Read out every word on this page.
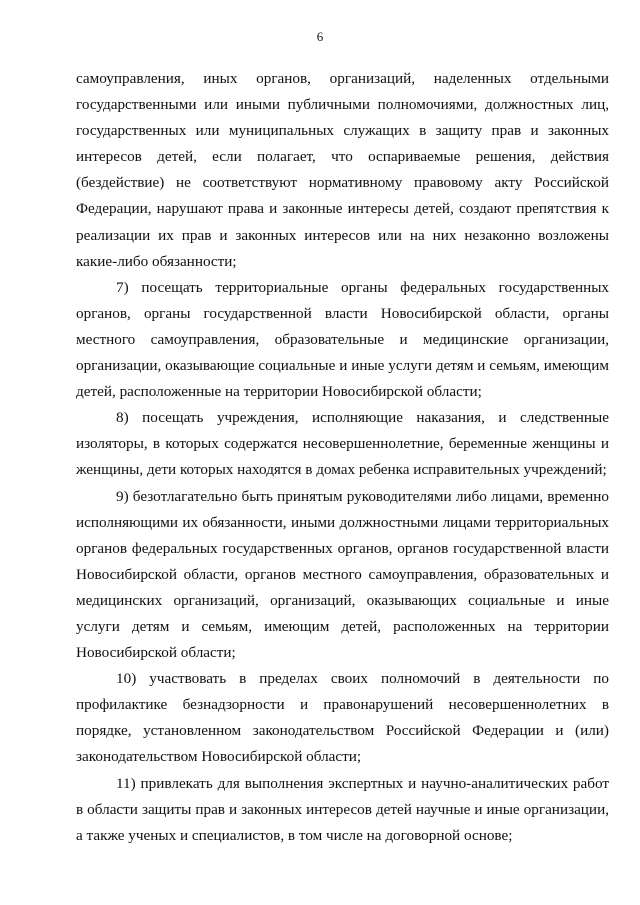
6

самоуправления, иных органов, организаций, наделенных отдельными государственными или иными публичными полномочиями, должностных лиц, государственных или муниципальных служащих в защиту прав и законных интересов детей, если полагает, что оспариваемые решения, действия (бездействие) не соответствуют нормативному правовому акту Российской Федерации, нарушают права и законные интересы детей, создают препятствия к реализации их прав и законных интересов или на них незаконно возложены какие-либо обязанности;

7) посещать территориальные органы федеральных государственных органов, органы государственной власти Новосибирской области, органы местного самоуправления, образовательные и медицинские организации, организации, оказывающие социальные и иные услуги детям и семьям, имеющим детей, расположенные на территории Новосибирской области;

8) посещать учреждения, исполняющие наказания, и следственные изоляторы, в которых содержатся несовершеннолетние, беременные женщины и женщины, дети которых находятся в домах ребенка исправительных учреждений;

9) безотлагательно быть принятым руководителями либо лицами, временно исполняющими их обязанности, иными должностными лицами территориальных органов федеральных государственных органов, органов государственной власти Новосибирской области, органов местного самоуправления, образовательных и медицинских организаций, организаций, оказывающих социальные и иные услуги детям и семьям, имеющим детей, расположенных на территории Новосибирской области;

10) участвовать в пределах своих полномочий в деятельности по профилактике безнадзорности и правонарушений несовершеннолетних в порядке, установленном законодательством Российской Федерации и (или) законодательством Новосибирской области;

11) привлекать для выполнения экспертных и научно-аналитических работ в области защиты прав и законных интересов детей научные и иные организации, а также ученых и специалистов, в том числе на договорной основе;
